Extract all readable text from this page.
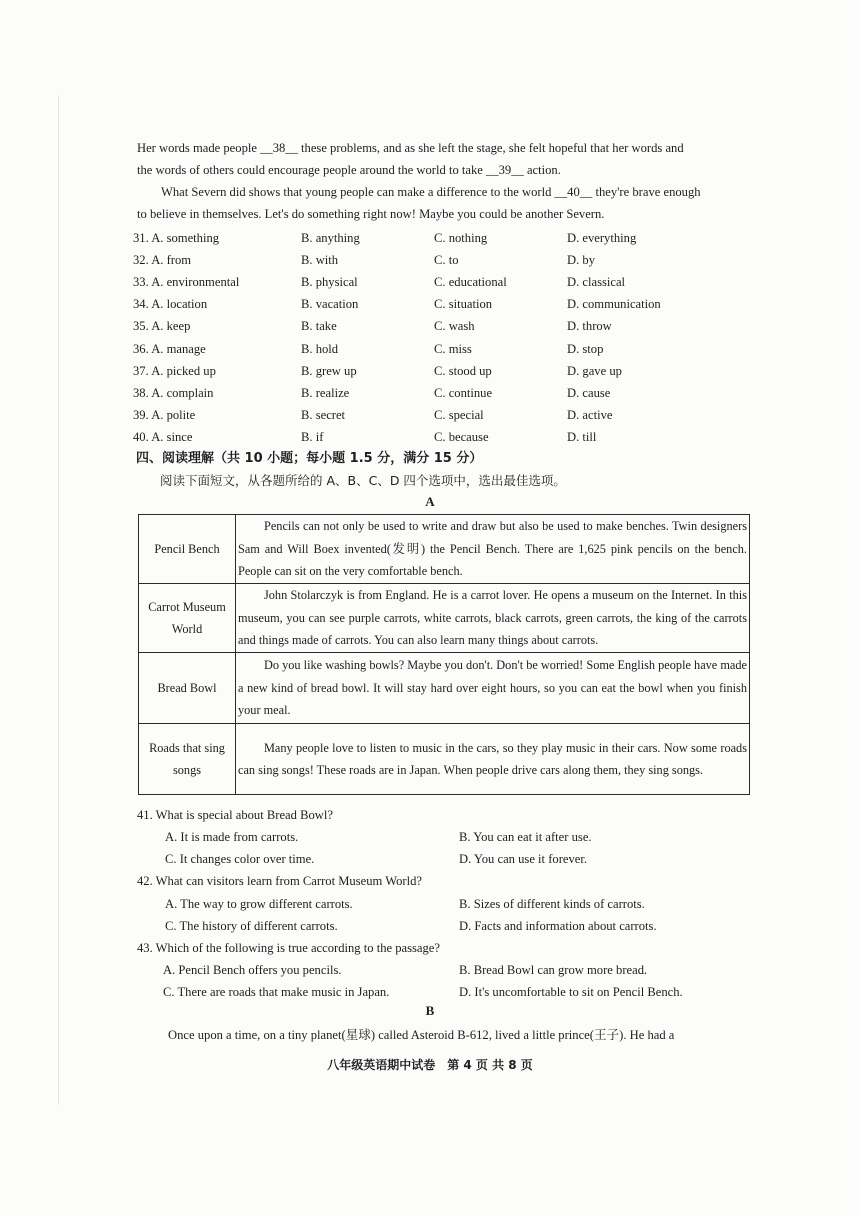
Her words made people __38__ these problems, and as she left the stage, she felt hopeful that her words and

the words of others could encourage people around the world to take __39__ action.

What Severn did shows that young people can make a difference to the world __40__ they're brave enough

to believe in themselves. Let's do something right now! Maybe you could be another Severn.

31. A. something	B. anything	C. nothing	D. everything
32. A. from	B. with	C. to	D. by
33. A. environmental	B. physical	C. educational	D. classical
34. A. location	B. vacation	C. situation	D. communication
35. A. keep	B. take	C. wash	D. throw
36. A. manage	B. hold	C. miss	D. stop
37. A. picked up	B. grew up	C. stood up	D. gave up
38. A. complain	B. realize	C. continue	D. cause
39. A. polite	B. secret	C. special	D. active
40. A. since	B. if	C. because	D. till
四、阅读理解（共 10 小题；每小题 1.5 分，满分 15 分）
阅读下面短文，从各题所给的 A、B、C、D 四个选项中，选出最佳选项。
A
Pencil Bench	Pencils can not only be used to write and draw but also be used to make benches. Twin designers Sam and Will Boex invented(发明) the Pencil Bench. There are 1,625 pink pencils on the bench. People can sit on the very comfortable bench.
Carrot Museum World	John Stolarczyk is from England. He is a carrot lover. He opens a museum on the Internet. In this museum, you can see purple carrots, white carrots, black carrots, green carrots, the king of the carrots and things made of carrots. You can also learn many things about carrots.
Bread Bowl	Do you like washing bowls? Maybe you don't. Don't be worried! Some English people have made a new kind of bread bowl. It will stay hard over eight hours, so you can eat the bowl when you finish your meal.
Roads that sing songs	Many people love to listen to music in the cars, so they play music in their cars. Now some roads can sing songs! These roads are in Japan. When people drive cars along them, they sing songs.
41. What is special about Bread Bowl?
A. It is made from carrots.	B. You can eat it after use.
C. It changes color over time.	D. You can use it forever.
42. What can visitors learn from Carrot Museum World?
A. The way to grow different carrots.	B. Sizes of different kinds of carrots.
C. The history of different carrots.	D. Facts and information about carrots.
43. Which of the following is true according to the passage?
A. Pencil Bench offers you pencils.	B. Bread Bowl can grow more bread.
C. There are roads that make music in Japan.	D. It's uncomfortable to sit on Pencil Bench.
B

Once upon a time, on a tiny planet(星球) called Asteroid B-612, lived a little prince(王子). He had a

八年级英语期中试卷　第 4 页 共 8 页
